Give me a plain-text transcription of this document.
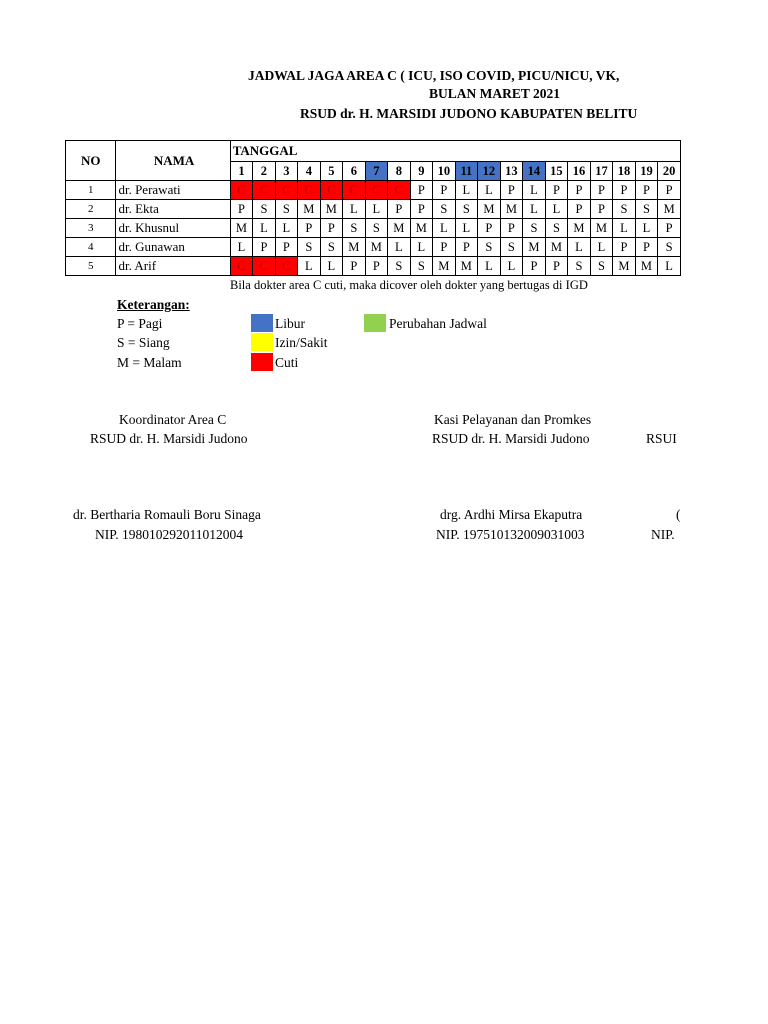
JADWAL JAGA AREA C ( ICU, ISO COVID, PICU/NICU, VK,
BULAN MARET 2021
RSUD dr. H. MARSIDI JUDONO KABUPATEN BELITU
NO	NAMA	TANGGAL																			
		1	2	3	4	5	6	7	8	9	10	11	12	13	14	15	16	17	18	19	20
1	dr. Perawati	C	C	C	C	C	C	C	C	P	P	L	L	P	L	P	P	P	P	P	P
2	dr. Ekta	P	S	S	M	M	L	L	P	P	S	S	M	M	L	L	P	P	S	S	M
3	dr. Khusnul	M	L	L	P	P	S	S	M	M	L	L	P	P	S	S	M	M	L	L	P
4	dr. Gunawan	L	P	P	S	S	M	M	L	L	P	P	S	S	M	M	L	L	P	P	S
5	dr. Arif	C	C	C	L	L	P	P	S	S	M	M	L	L	P	P	S	S	M	M	L
Bila dokter area C cuti, maka dicover oleh dokter yang bertugas di IGD
Keterangan:
P = Pagi
S = Siang
M = Malam
Libur
Izin/Sakit
Cuti
Perubahan Jadwal
Koordinator Area C
RSUD dr. H. Marsidi Judono
dr. Bertharia Romauli Boru Sinaga
NIP. 198010292011012004
Kasi Pelayanan dan Promkes
RSUD dr. H. Marsidi Judono
drg. Ardhi Mirsa Ekaputra
NIP. 197510132009031003
RSUI
(
NIP.
